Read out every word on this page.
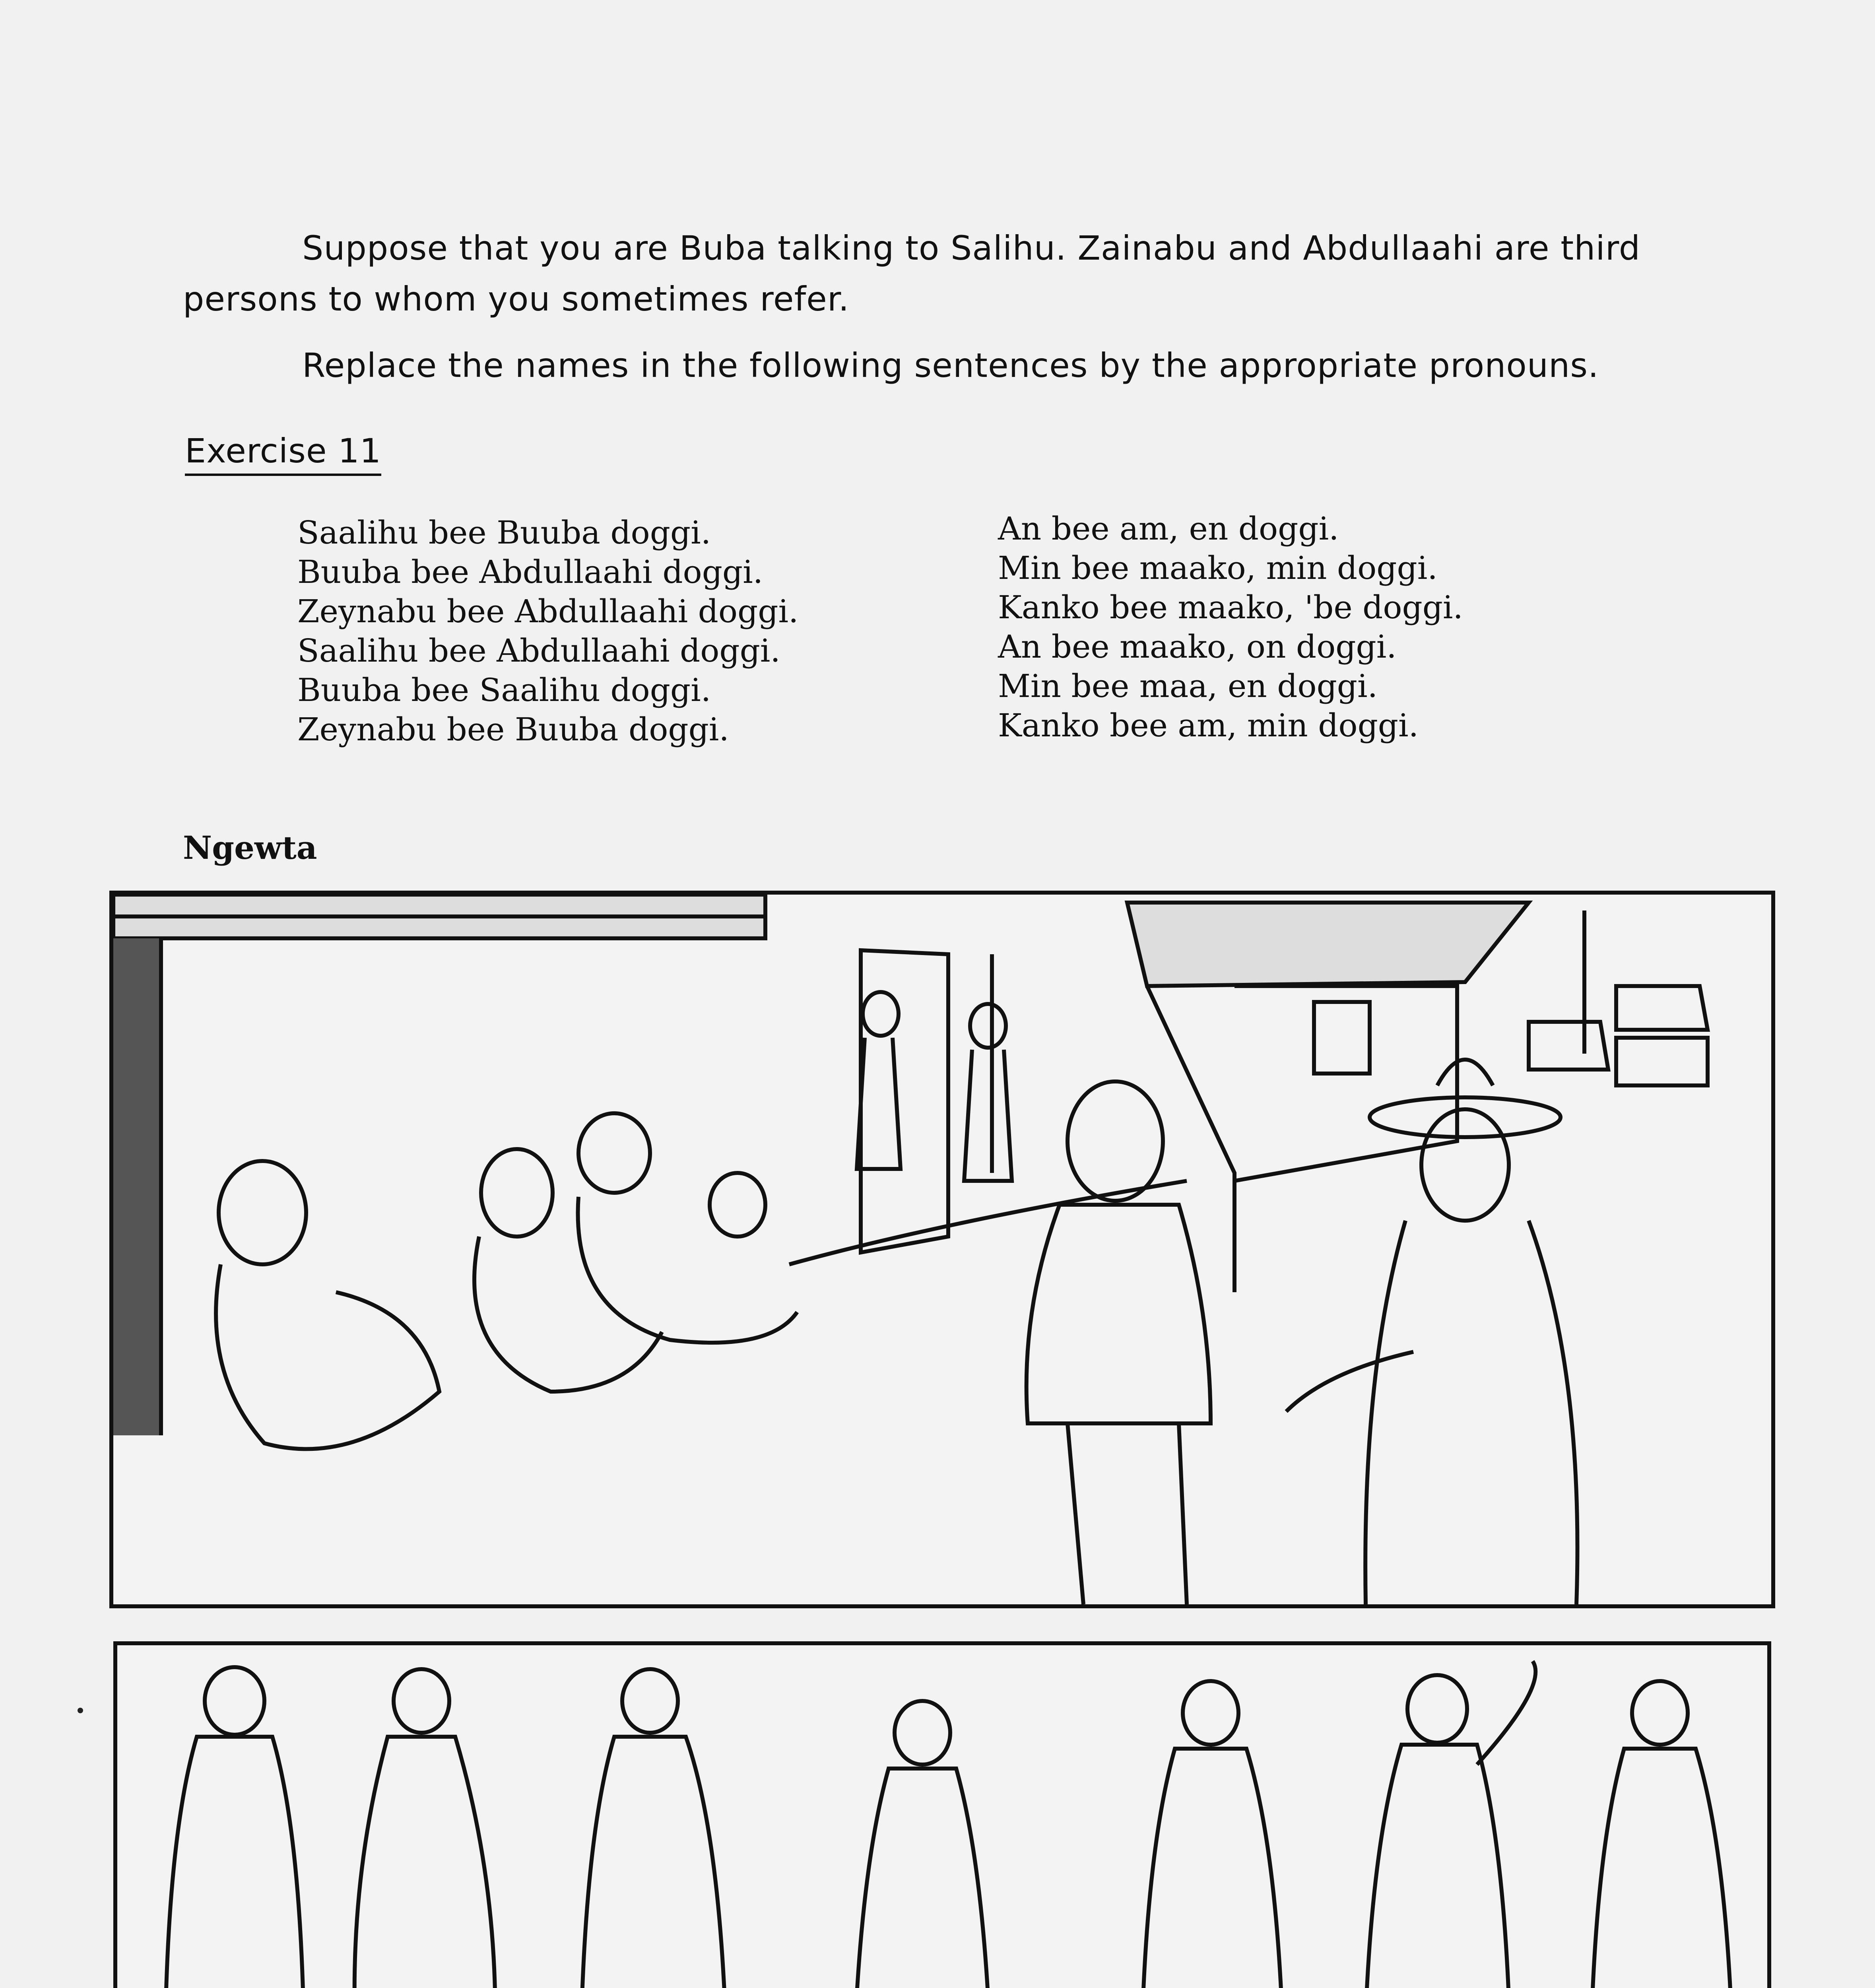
Suppose that you are Buba talking to Salihu. Zainabu and Abdullaahi are third

persons to whom you sometimes refer.

Replace the names in the following sentences by the appropriate pronouns.
Exercise 11
Saalihu bee Buuba doggi.
Buuba bee Abdullaahi doggi.
Zeynabu bee Abdullaahi doggi.
Saalihu bee Abdullaahi doggi.
Buuba bee Saalihu doggi.
Zeynabu bee Buuba doggi.
An bee am, en doggi.
Min bee maako, min doggi.
Kanko bee maako, 'be doggi.
An bee maako, on doggi.
Min bee maa, en doggi.
Kanko bee am, min doggi.
Ngewta
